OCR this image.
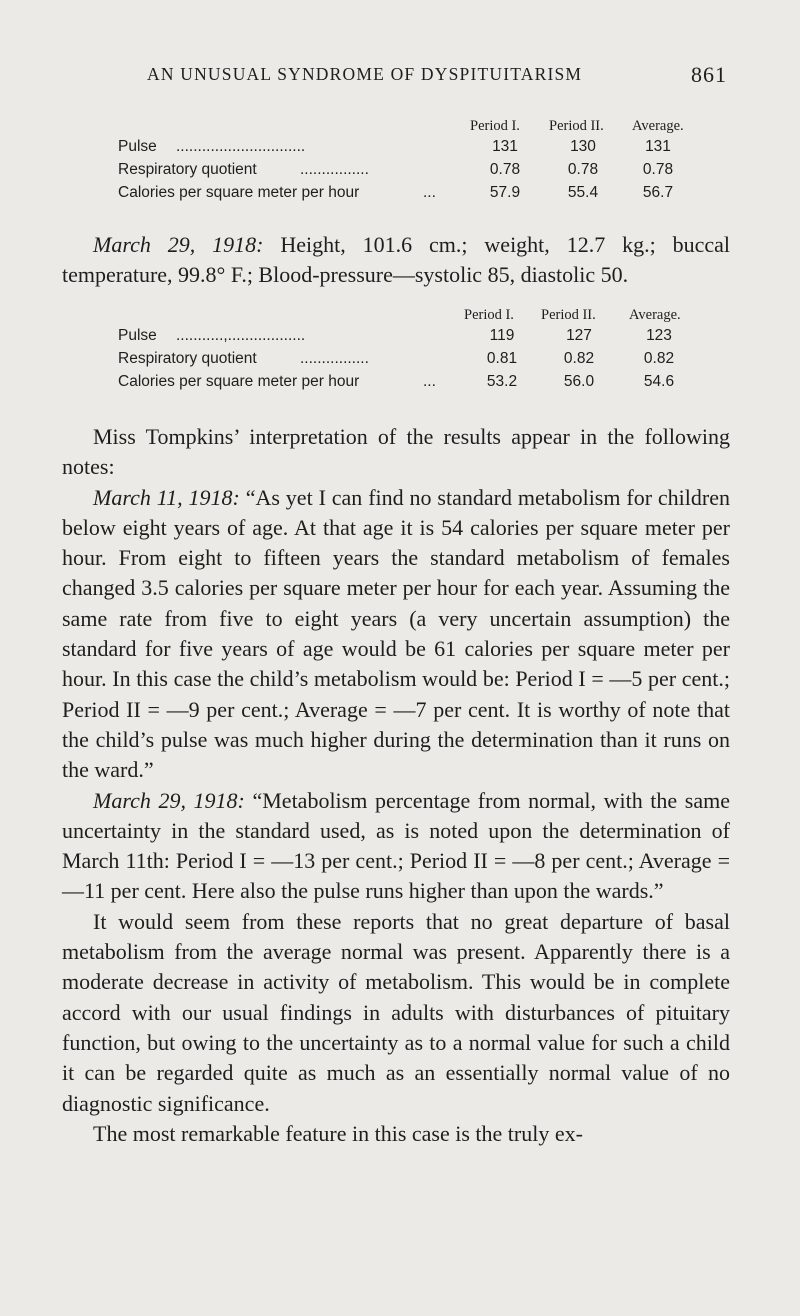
AN UNUSUAL SYNDROME OF DYSPITUITARISM	861
Period I. Period II. Average.
Pulse ..............................	131	130	131
Respiratory quotient	................	0.78	0.78	0.78
Calories per square meter per hour	...	57.9	55.4	56.7

March 29, 1918: Height, 101.6 cm.; weight, 12.7 kg.; buccal temperature, 99.8° F.; Blood-pressure—systolic 85, diastolic 50.

Period I. Period II. Average.
Pulse ...........,..................	119	127	123
Respiratory quotient	................	0.81	0.82	0.82
Calories per square meter per hour	...	53.2	56.0	54.6

Miss Tompkins’ interpretation of the results appear in the following notes:

March 11, 1918: “As yet I can find no standard metabolism for children below eight years of age. At that age it is 54 calories per square meter per hour. From eight to fifteen years the standard metabolism of females changed 3.5 calories per square meter per hour for each year. Assuming the same rate from five to eight years (a very uncertain assumption) the standard for five years of age would be 61 calories per square meter per hour. In this case the child’s metabolism would be: Period I = —5 per cent.; Period II = —9 per cent.; Average = —7 per cent. It is worthy of note that the child’s pulse was much higher during the determination than it runs on the ward.”

March 29, 1918: “Metabolism percentage from normal, with the same uncertainty in the standard used, as is noted upon the determination of March 11th: Period I = —13 per cent.; Period II = —8 per cent.; Average = —11 per cent. Here also the pulse runs higher than upon the wards.”

It would seem from these reports that no great departure of basal metabolism from the average normal was present. Apparently there is a moderate decrease in activity of metabolism. This would be in complete accord with our usual findings in adults with disturbances of pituitary function, but owing to the uncertainty as to a normal value for such a child it can be regarded quite as much as an essentially normal value of no diagnostic significance.

The most remarkable feature in this case is the truly ex-
